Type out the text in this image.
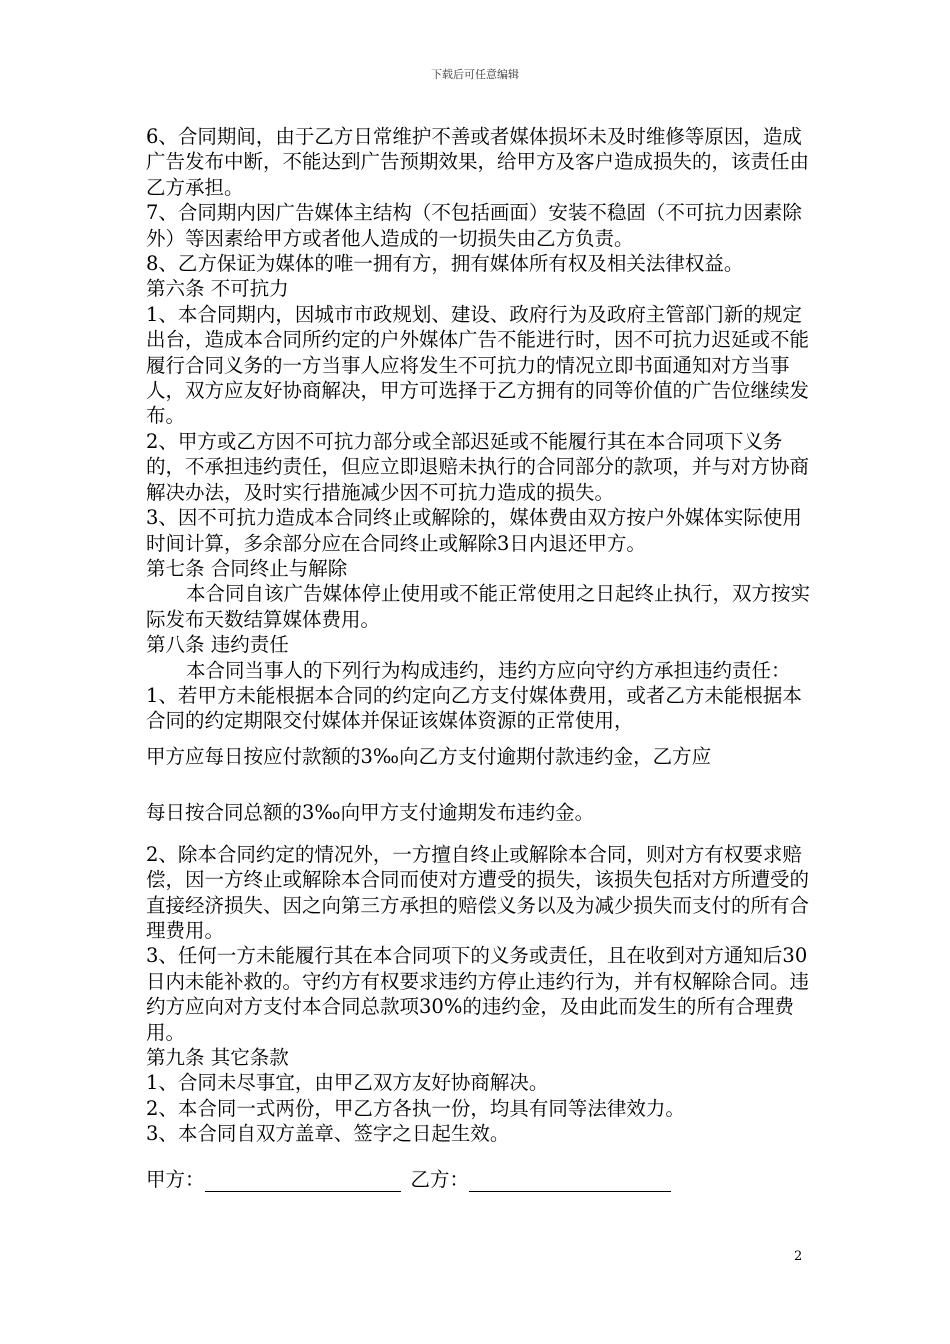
下载后可任意编辑

6、合同期间，由于乙方日常维护不善或者媒体损坏未及时维修等原因，造成广告发布中断，不能达到广告预期效果，给甲方及客户造成损失的，该责任由乙方承担。

7、合同期内因广告媒体主结构（不包括画面）安装不稳固（不可抗力因素除外）等因素给甲方或者他人造成的一切损失由乙方负责。

8、乙方保证为媒体的唯一拥有方，拥有媒体所有权及相关法律权益。

第六条 不可抗力

1、本合同期内，因城市市政规划、建设、政府行为及政府主管部门新的规定出台，造成本合同所约定的户外媒体广告不能进行时，因不可抗力迟延或不能履行合同义务的一方当事人应将发生不可抗力的情况立即书面通知对方当事人，双方应友好协商解决，甲方可选择于乙方拥有的同等价值的广告位继续发布。

2、甲方或乙方因不可抗力部分或全部迟延或不能履行其在本合同项下义务的，不承担违约责任，但应立即退赔未执行的合同部分的款项，并与对方协商解决办法，及时实行措施减少因不可抗力造成的损失。

3、因不可抗力造成本合同终止或解除的，媒体费由双方按户外媒体实际使用时间计算，多余部分应在合同终止或解除3日内退还甲方。

第七条 合同终止与解除

本合同自该广告媒体停止使用或不能正常使用之日起终止执行，双方按实际发布天数结算媒体费用。

第八条 违约责任

本合同当事人的下列行为构成违约，违约方应向守约方承担违约责任：

1、若甲方未能根据本合同的约定向乙方支付媒体费用，或者乙方未能根据本合同的约定期限交付媒体并保证该媒体资源的正常使用，

甲方应每日按应付款额的3‰向乙方支付逾期付款违约金，乙方应

每日按合同总额的3‰向甲方支付逾期发布违约金。

2、除本合同约定的情况外，一方擅自终止或解除本合同，则对方有权要求赔偿，因一方终止或解除本合同而使对方遭受的损失，该损失包括对方所遭受的直接经济损失、因之向第三方承担的赔偿义务以及为减少损失而支付的所有合理费用。

3、任何一方未能履行其在本合同项下的义务或责任，且在收到对方通知后30日内未能补救的。守约方有权要求违约方停止违约行为，并有权解除合同。违约方应向对方支付本合同总款项30%的违约金，及由此而发生的所有合理费用。

第九条 其它条款

1、合同未尽事宜，由甲乙双方友好协商解决。

2、本合同一式两份，甲乙方各执一份，均具有同等法律效力。

3、本合同自双方盖章、签字之日起生效。

甲方：	乙方：

2
